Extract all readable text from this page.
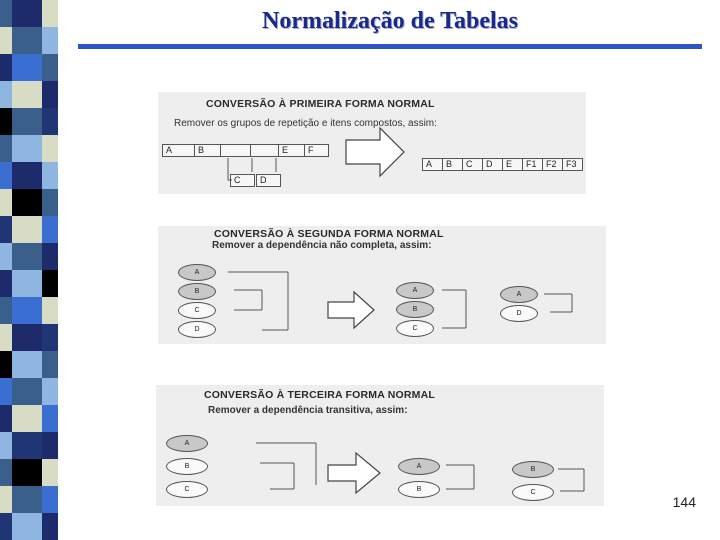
Normalização de Tabelas
CONVERSÃO À PRIMEIRA FORMA NORMAL
Remover os grupos de repetição e itens compostos, assim:
A	B	E	F
C	D
A	B	C	D	E	F1	F2	F3
CONVERSÃO À SEGUNDA FORMA NORMAL
Remover a dependência não completa, assim:
A
B
C
D
A
B
C
A
D
CONVERSÃO À TERCEIRA FORMA NORMAL
Remover a dependência transitiva, assim:
A
B
C
A
B
B
C
144
